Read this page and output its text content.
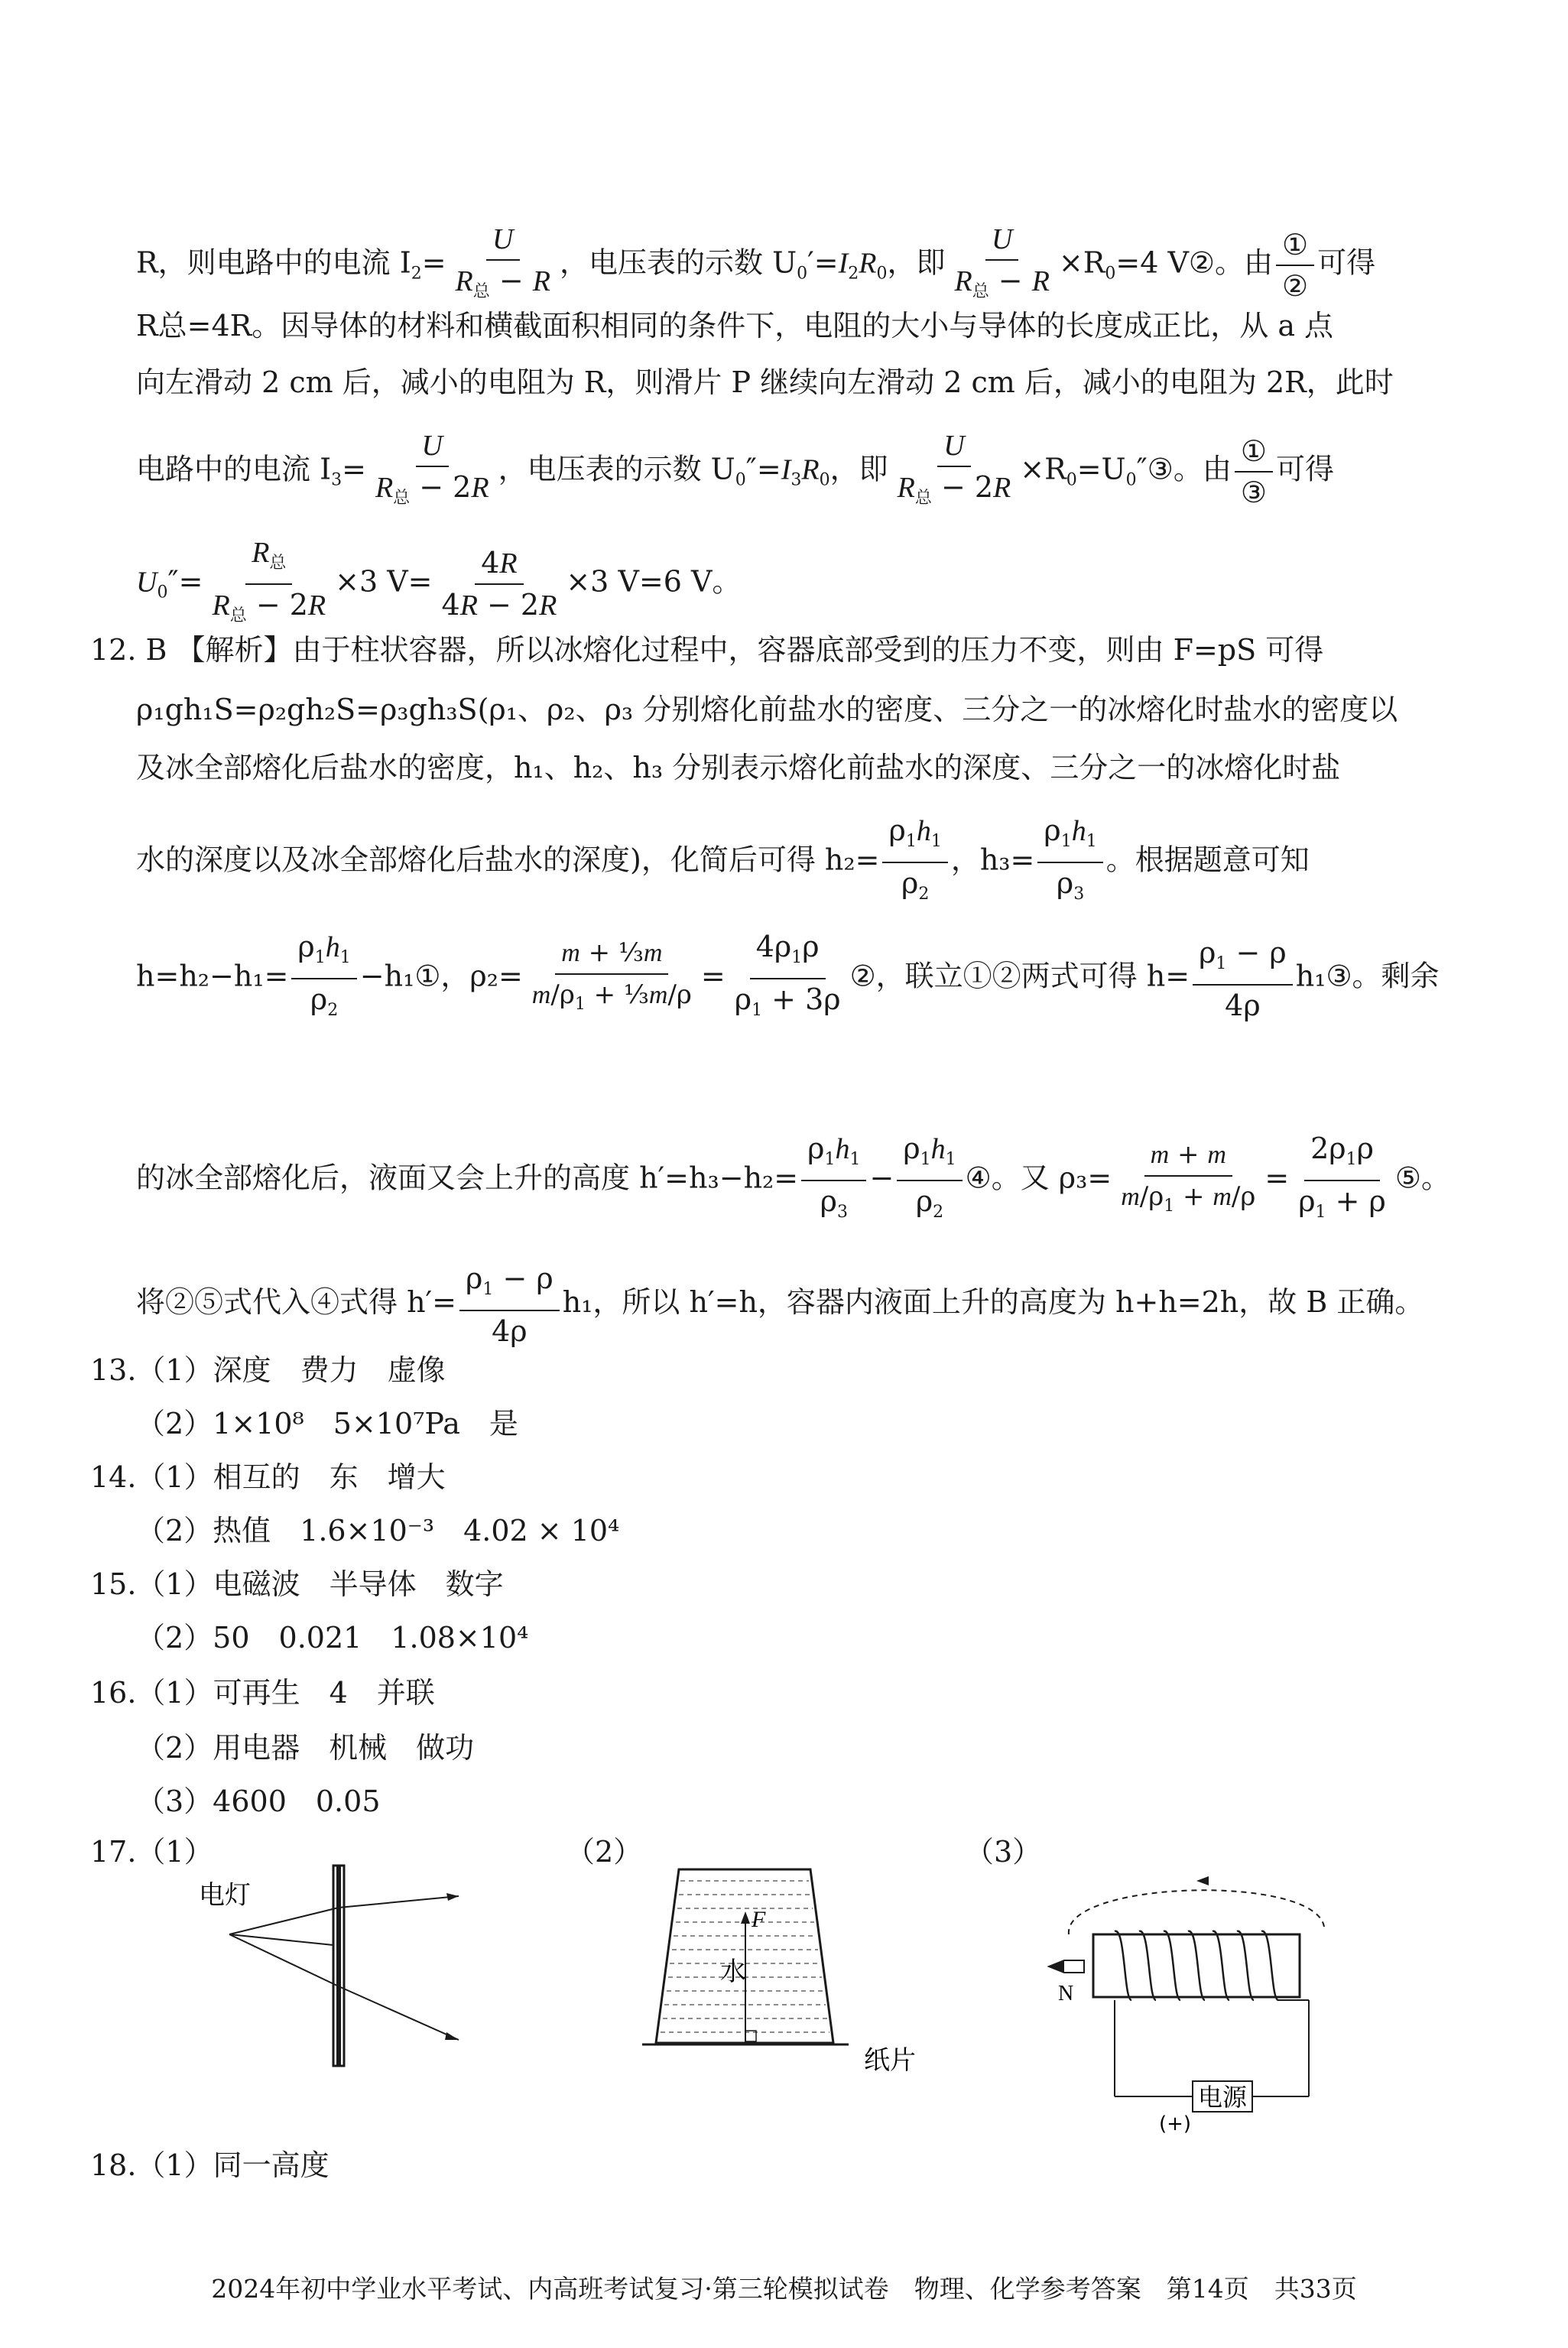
R，则电路中的电流 $I_2= \frac{U}{R_总 - R}$ ，电压表的示数 $U_0'=I_2R_0$，即 $\frac{U}{R_总 - R} \times R_0=4$ V②。由 $\frac{\text{①}}{\text{②}}$ 可得
R总=4R。因导体的材料和横截面积相同的条件下，电阻的大小与导体的长度成正比，从 a 点
向左滑动 2 cm 后，减小的电阻为 R，则滑片 P 继续向左滑动 2 cm 后，减小的电阻为 2R，此时
电路中的电流 $I_3= \frac{U}{R_总 - 2R}$ ，电压表的示数 $U_0''=I_3R_0$，即 $\frac{U}{R_总 - 2R}$ $\times R_0=U_0''③$。由 $\frac{\text{①}}{\text{③}}$ 可得
$U_0''= \frac{R_总}{R_总 - 2R} \times 3$ $V= \frac{4R}{4R - 2R} \times 3$ V=6 V。
12. B 【解析】由于柱状容器，所以冰熔化过程中，容器底部受到的压力不变，则由 F=pS 可得
ρ₁gh₁S=ρ₂gh₂S=ρ₃gh₃S(ρ₁、ρ₂、ρ₃ 分别熔化前盐水的密度、三分之一的冰熔化时盐水的密度以
及冰全部熔化后盐水的密度，h₁、h₂、h₃ 分别表示熔化前盐水的深度、三分之一的冰熔化时盐
水的深度以及冰全部熔化后盐水的深度)，化简后可得 $h_2= \frac{\rho_1h_1}{\rho_2}$ ，$h_3= \frac{\rho_1h_1}{\rho_3}$ 。根据题意可知
$h=h_2-h_1= \frac{\rho_1h_1}{\rho_2}$ −h₁①，$\rho_2= \frac{\text{m + ⅓m}}{m/\rho_1 + \frac{1}{3}m/\rho} = \frac{4\rho_1\rho}{\rho_1 + 3\rho}$ ②，联立①②两式可得 $h= \frac{\rho_1 - \rho}{4\rho}$ h₁③。剩余
的冰全部熔化后，液面又会上升的高度 $h'=h_3-h_2= \frac{\rho_1h_1}{\rho_3} - \frac{\rho_1h_1}{\rho_2}$ ④。又 $\rho_3= \frac{m + m}{m/\rho_1 + m/\rho} = \frac{2\rho_1\rho}{\rho_1 + \rho}$ ⑤。
将②⑤式代入④式得 $h'= \frac{\rho_1 - \rho}{4\rho} h_1$，所以 h′=h，容器内液面上升的高度为 h+h=2h，故 B 正确。
13.（1）深度　费力　虚像
（2）1×10⁸　5×10⁷Pa　是
14.（1）相互的　东　增大
（2）热值　1.6×10⁻³　4.02 × 10⁴
15.（1）电磁波　半导体　数字
（2）50　0.021　1.08×10⁴
16.（1）可再生　4　并联
（2）用电器　机械　做功
（3）4600　0.05
17.（1）	（2）	（3）
电灯
F
水
纸片
电源
(+)
N
18.（1）同一高度
2024年初中学业水平考试、内高班考试复习·第三轮模拟试卷　物理、化学参考答案　第14页　共33页
